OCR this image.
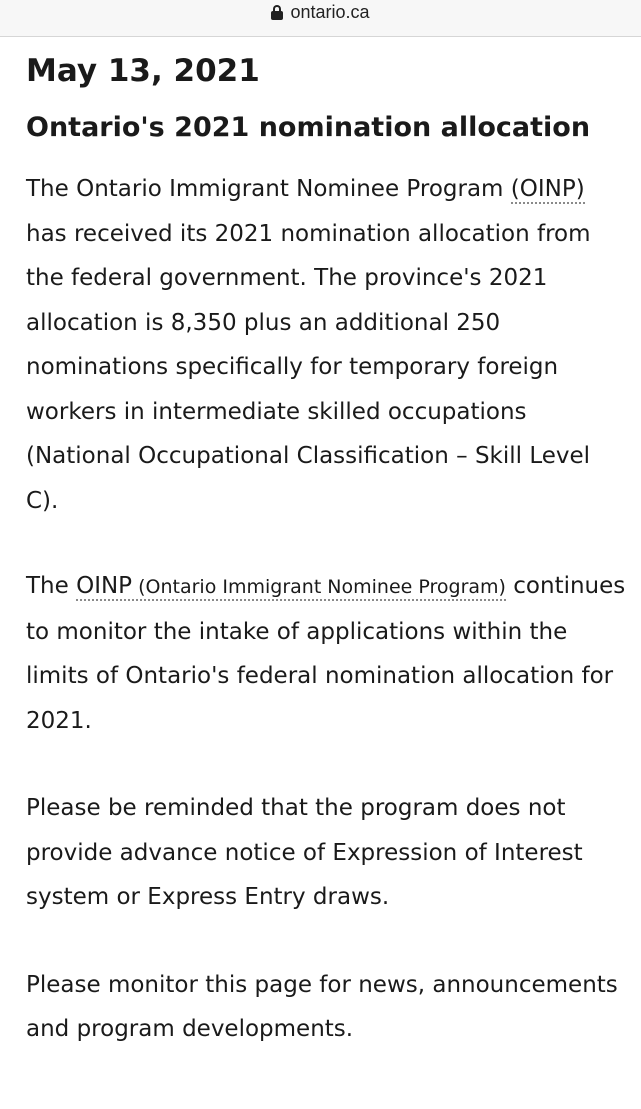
ontario.ca
May 13, 2021
Ontario's 2021 nomination allocation

The Ontario Immigrant Nominee Program (OINP) has received its 2021 nomination allocation from the federal government. The province's 2021 allocation is 8,350 plus an additional 250 nominations specifically for temporary foreign workers in intermediate skilled occupations (National Occupational Classification – Skill Level C).

The OINP (Ontario Immigrant Nominee Program) continues to monitor the intake of applications within the limits of Ontario's federal nomination allocation for 2021.

Please be reminded that the program does not provide advance notice of Expression of Interest system or Express Entry draws.

Please monitor this page for news, announcements and program developments.
